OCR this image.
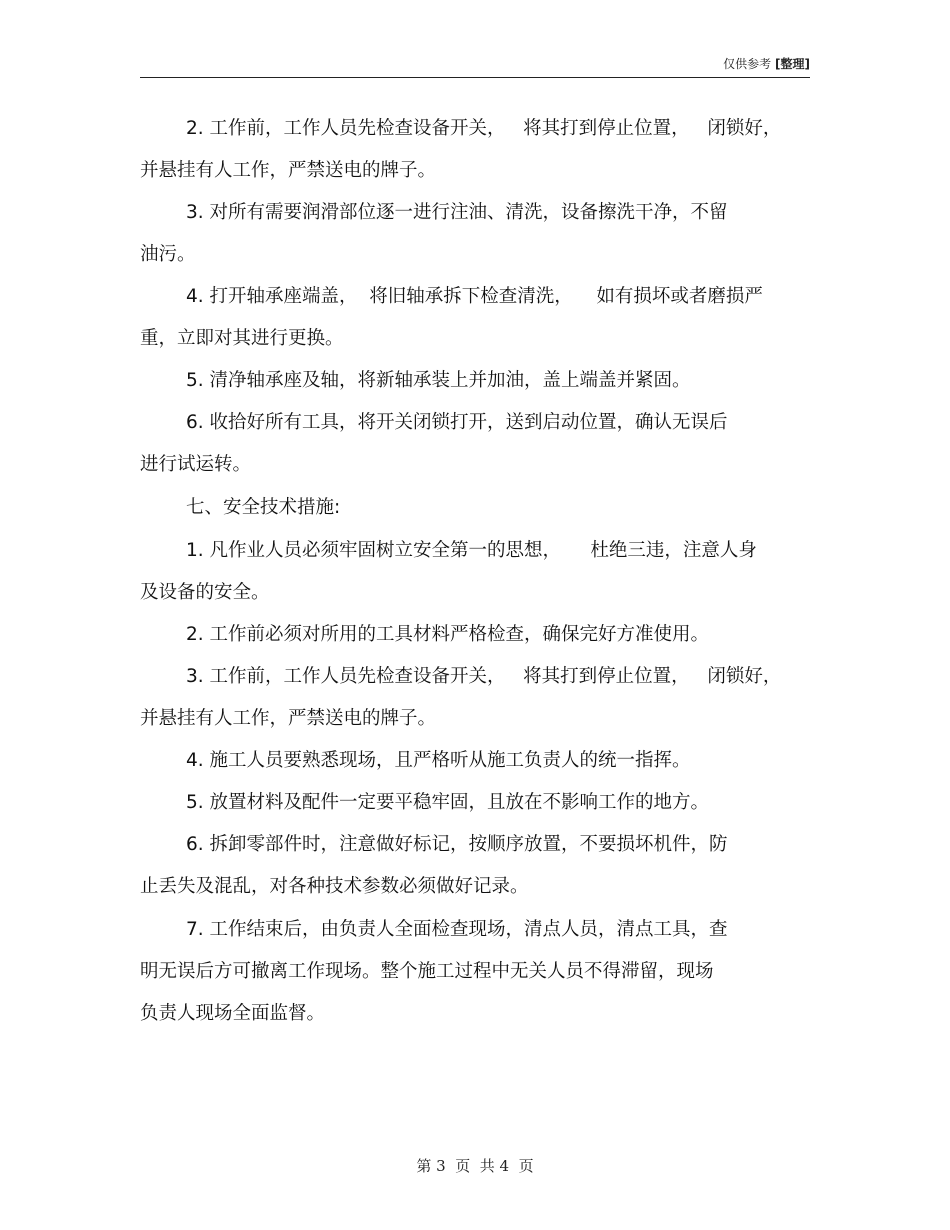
仅供参考 [整理]
2. 工作前，工作人员先检查设备开关，   将其打到停止位置，   闭锁好，
并悬挂有人工作，严禁送电的牌子。
3. 对所有需要润滑部位逐一进行注油、清洗，设备擦洗干净，不留
油污。
4. 打开轴承座端盖，  将旧轴承拆下检查清洗，    如有损坏或者磨损严
重，立即对其进行更换。
5. 清净轴承座及轴，将新轴承装上并加油，盖上端盖并紧固。
6. 收拾好所有工具，将开关闭锁打开，送到启动位置，确认无误后
进行试运转。
七、安全技术措施:
1. 凡作业人员必须牢固树立安全第一的思想，     杜绝三违，注意人身
及设备的安全。
2. 工作前必须对所用的工具材料严格检查，确保完好方准使用。
3. 工作前，工作人员先检查设备开关，   将其打到停止位置，   闭锁好，
并悬挂有人工作，严禁送电的牌子。
4. 施工人员要熟悉现场，且严格听从施工负责人的统一指挥。
5. 放置材料及配件一定要平稳牢固，且放在不影响工作的地方。
6. 拆卸零部件时，注意做好标记，按顺序放置，不要损坏机件，防
止丢失及混乱，对各种技术参数必须做好记录。
7. 工作结束后，由负责人全面检查现场，清点人员，清点工具，查
明无误后方可撤离工作现场。整个施工过程中无关人员不得滞留，现场
负责人现场全面监督。
第 3  页  共 4  页
